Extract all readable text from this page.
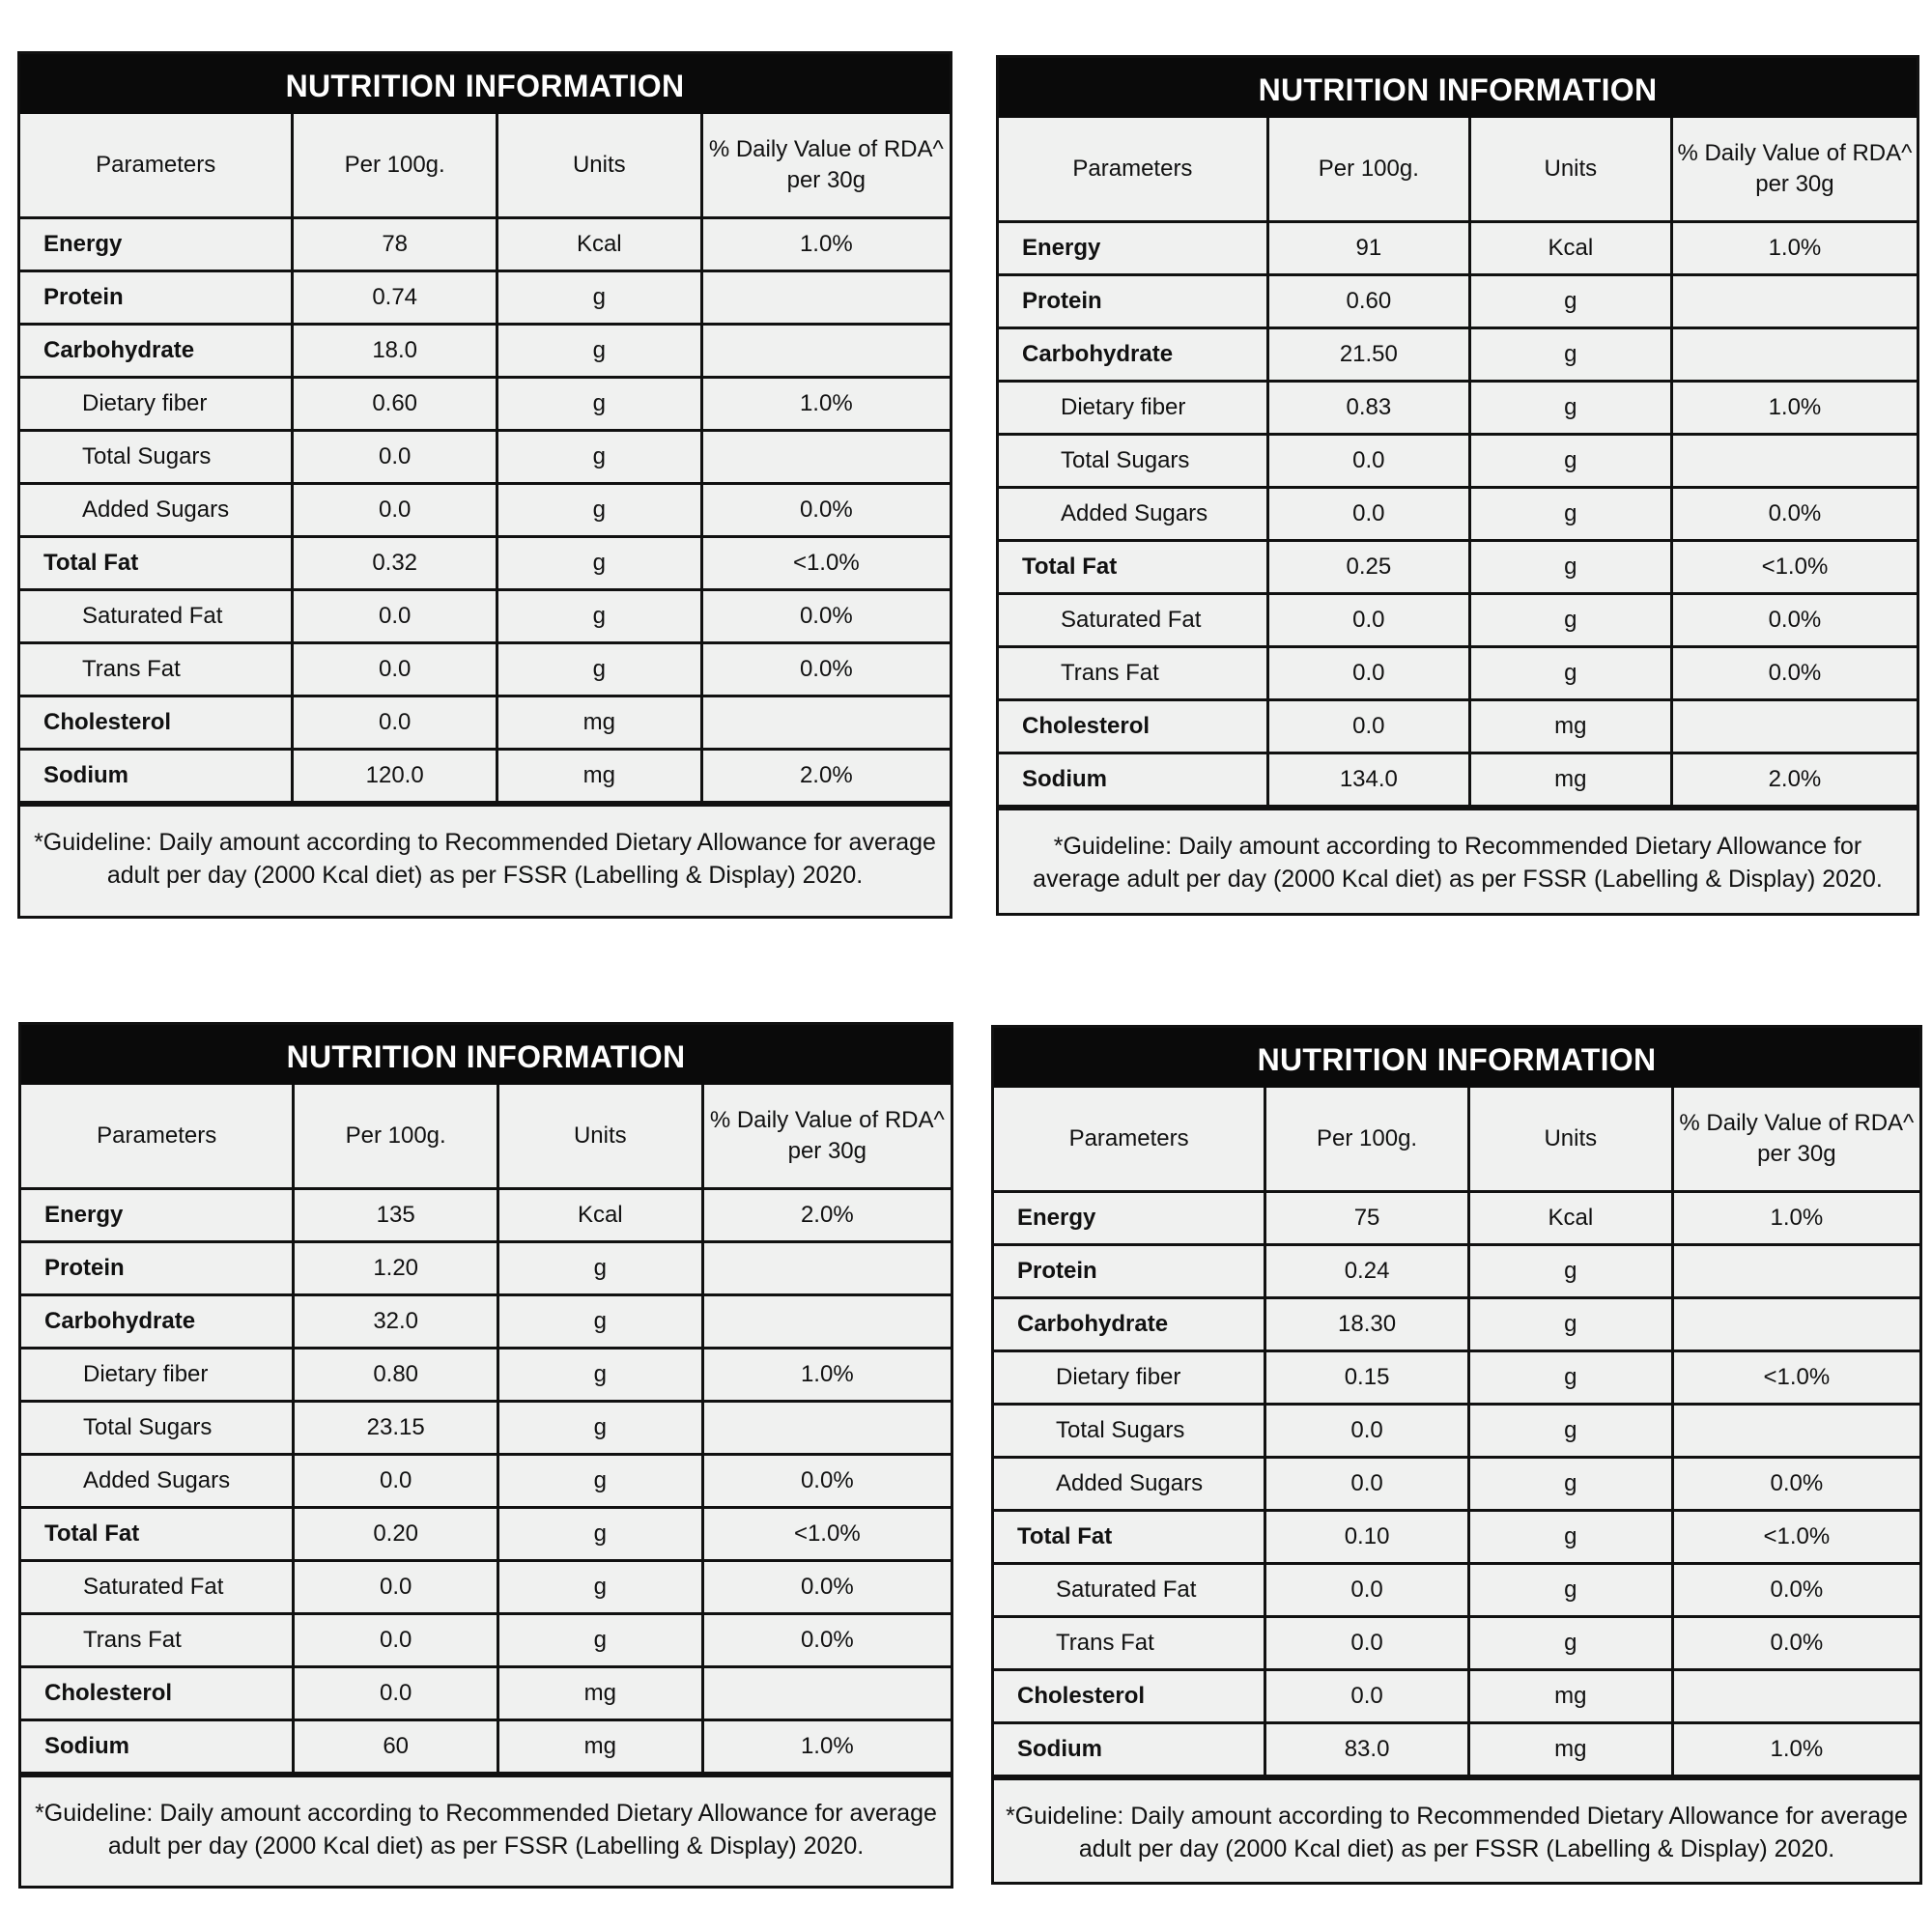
NUTRITION INFORMATION
Parameters	Per 100g.	Units	% Daily Value of RDA^ per 30g
Energy	78	Kcal	1.0%
Protein	0.74	g	
Carbohydrate	18.0	g	
Dietary fiber	0.60	g	1.0%
Total Sugars	0.0	g	
Added Sugars	0.0	g	0.0%
Total Fat	0.32	g	<1.0%
Saturated Fat	0.0	g	0.0%
Trans Fat	0.0	g	0.0%
Cholesterol	0.0	mg	
Sodium	120.0	mg	2.0%
*Guideline: Daily amount according to Recommended Dietary Allowance for average adult per day (2000 Kcal diet) as per FSSR (Labelling & Display) 2020.
NUTRITION INFORMATION
Parameters	Per 100g.	Units	% Daily Value of RDA^ per 30g
Energy	91	Kcal	1.0%
Protein	0.60	g	
Carbohydrate	21.50	g	
Dietary fiber	0.83	g	1.0%
Total Sugars	0.0	g	
Added Sugars	0.0	g	0.0%
Total Fat	0.25	g	<1.0%
Saturated Fat	0.0	g	0.0%
Trans Fat	0.0	g	0.0%
Cholesterol	0.0	mg	
Sodium	134.0	mg	2.0%
*Guideline: Daily amount according to Recommended Dietary Allowance for average adult per day (2000 Kcal diet) as per FSSR (Labelling & Display) 2020.
NUTRITION INFORMATION
Parameters	Per 100g.	Units	% Daily Value of RDA^ per 30g
Energy	135	Kcal	2.0%
Protein	1.20	g	
Carbohydrate	32.0	g	
Dietary fiber	0.80	g	1.0%
Total Sugars	23.15	g	
Added Sugars	0.0	g	0.0%
Total Fat	0.20	g	<1.0%
Saturated Fat	0.0	g	0.0%
Trans Fat	0.0	g	0.0%
Cholesterol	0.0	mg	
Sodium	60	mg	1.0%
*Guideline: Daily amount according to Recommended Dietary Allowance for average adult per day (2000 Kcal diet) as per FSSR (Labelling & Display) 2020.
NUTRITION INFORMATION
Parameters	Per 100g.	Units	% Daily Value of RDA^ per 30g
Energy	75	Kcal	1.0%
Protein	0.24	g	
Carbohydrate	18.30	g	
Dietary fiber	0.15	g	<1.0%
Total Sugars	0.0	g	
Added Sugars	0.0	g	0.0%
Total Fat	0.10	g	<1.0%
Saturated Fat	0.0	g	0.0%
Trans Fat	0.0	g	0.0%
Cholesterol	0.0	mg	
Sodium	83.0	mg	1.0%
*Guideline: Daily amount according to Recommended Dietary Allowance for average adult per day (2000 Kcal diet) as per FSSR (Labelling & Display) 2020.
